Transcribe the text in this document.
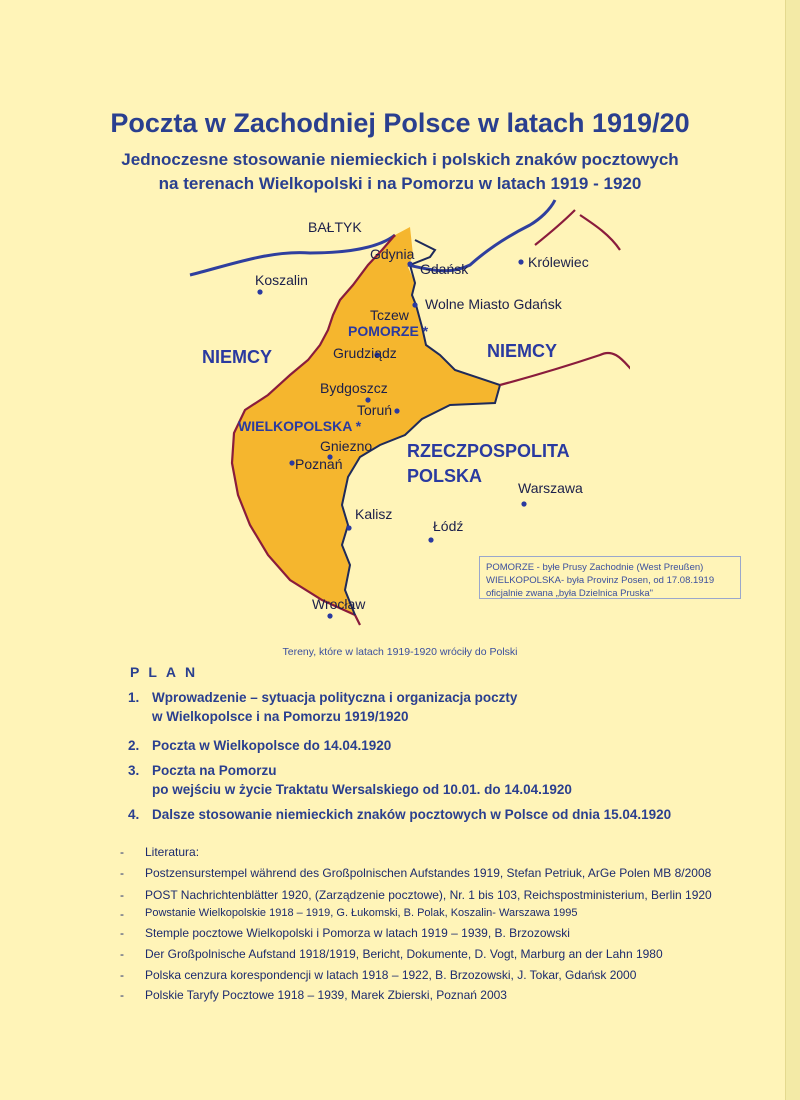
Poczta w Zachodniej Polsce w latach 1919/20
Jednoczesne stosowanie niemieckich i polskich znaków pocztowych
na terenach Wielkopolski i na Pomorzu w latach 1919 - 1920
BAŁTYK
Gdynia
Gdańsk	Królewiec
Koszalin
Wolne Miasto Gdańsk
Tczew
POMORZE *
Grudziądz
NIEMCY	NIEMCY
Bydgoszcz
Toruń
WIELKOPOLSKA *
Gniezno
Poznań
RZECZPOSPOLITA
POLSKA
Warszawa
Kalisz
Łódź
Wrocław
POMORZE - byłe Prusy Zachodnie (West Preußen)
WIELKOPOLSKA- była Provinz Posen, od 17.08.1919
oficjalnie zwana „była Dzielnica Pruska"
Tereny, które w latach 1919-1920 wróciły do Polski
PLAN
1. Wprowadzenie – sytuacja polityczna i organizacja poczty
w Wielkopolsce i na Pomorzu 1919/1920
2. Poczta w Wielkopolsce do 14.04.1920
3. Poczta na Pomorzu
po wejściu w życie Traktatu Wersalskiego od 10.01. do 14.04.1920
4. Dalsze stosowanie niemieckich znaków pocztowych w Polsce od dnia 15.04.1920
- Literatura:
- Postzensurstempel während des Großpolnischen Aufstandes 1919, Stefan Petriuk, ArGe Polen MB 8/2008
- POST Nachrichtenblätter 1920, (Zarządzenie pocztowe), Nr. 1 bis 103, Reichspostministerium, Berlin 1920
- Powstanie Wielkopolskie 1918 – 1919, G. Łukomski, B. Polak, Koszalin- Warszawa 1995
- Stemple pocztowe Wielkopolski i Pomorza w latach 1919 – 1939, B. Brzozowski
- Der Großpolnische Aufstand 1918/1919, Bericht, Dokumente, D. Vogt, Marburg an der Lahn 1980
- Polska cenzura korespondencji w latach 1918 – 1922, B. Brzozowski, J. Tokar, Gdańsk 2000
- Polskie Taryfy Pocztowe 1918 – 1939, Marek Zbierski, Poznań 2003
